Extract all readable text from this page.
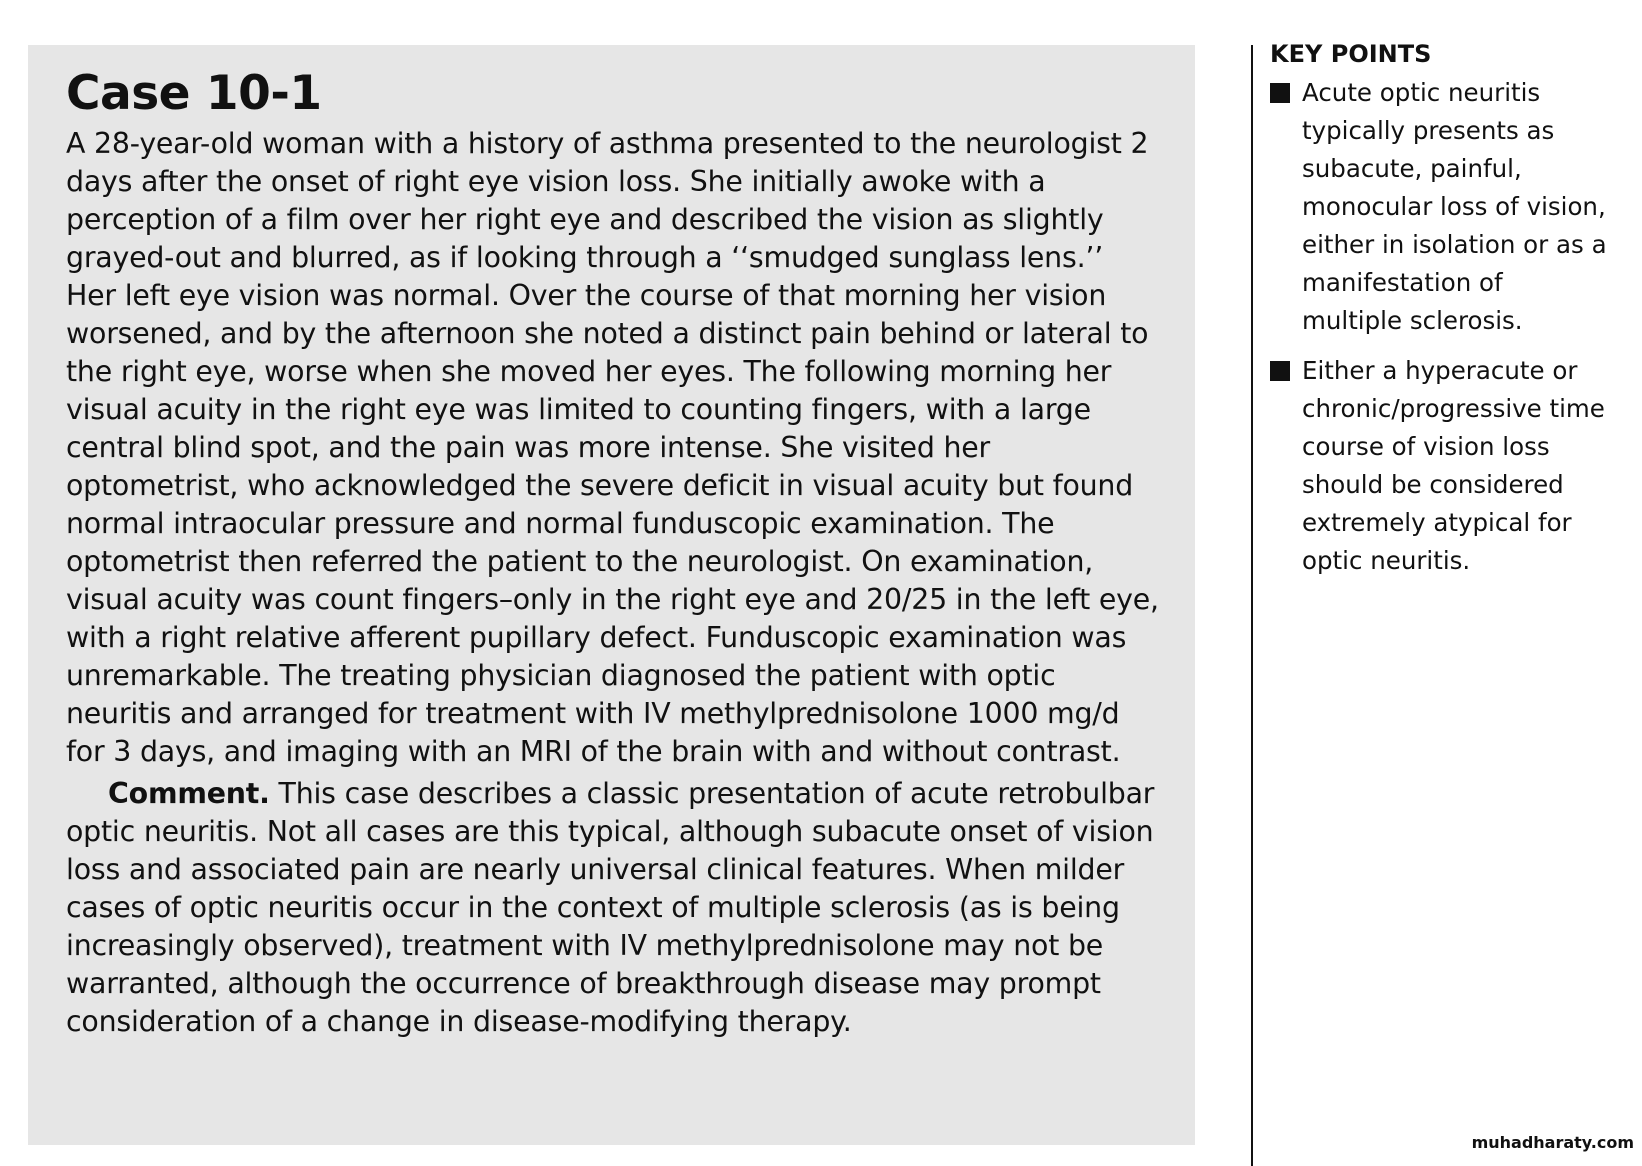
Case 10-1

A 28-year-old woman with a history of asthma presented to the neurologist 2 days after the onset of right eye vision loss. She initially awoke with a perception of a film over her right eye and described the vision as slightly grayed-out and blurred, as if looking through a ‘‘smudged sunglass lens.’’ Her left eye vision was normal. Over the course of that morning her vision worsened, and by the afternoon she noted a distinct pain behind or lateral to the right eye, worse when she moved her eyes. The following morning her visual acuity in the right eye was limited to counting fingers, with a large central blind spot, and the pain was more intense. She visited her optometrist, who acknowledged the severe deficit in visual acuity but found normal intraocular pressure and normal funduscopic examination. The optometrist then referred the patient to the neurologist. On examination, visual acuity was count fingers–only in the right eye and 20/25 in the left eye, with a right relative afferent pupillary defect. Funduscopic examination was unremarkable. The treating physician diagnosed the patient with optic neuritis and arranged for treatment with IV methylprednisolone 1000 mg/d for 3 days, and imaging with an MRI of the brain with and without contrast.

Comment. This case describes a classic presentation of acute retrobulbar optic neuritis. Not all cases are this typical, although subacute onset of vision loss and associated pain are nearly universal clinical features. When milder cases of optic neuritis occur in the context of multiple sclerosis (as is being increasingly observed), treatment with IV methylprednisolone may not be warranted, although the occurrence of breakthrough disease may prompt consideration of a change in disease-modifying therapy.

KEY POINTS
Acute optic neuritis typically presents as subacute, painful, monocular loss of vision, either in isolation or as a manifestation of multiple sclerosis.
Either a hyperacute or chronic/progressive time course of vision loss should be considered extremely atypical for optic neuritis.
muhadharaty.com
